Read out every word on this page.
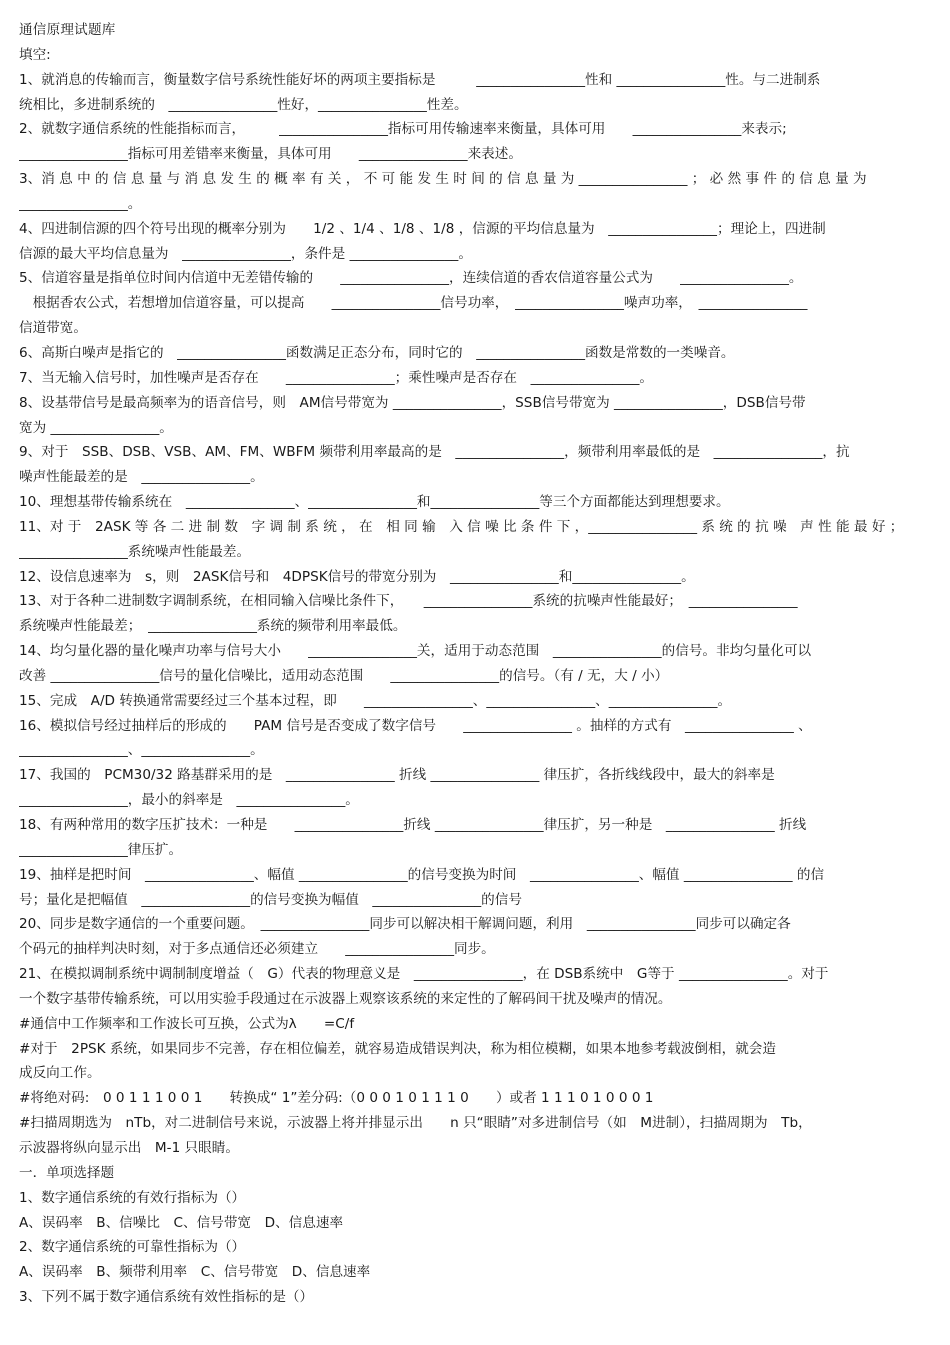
通信原理试题库
填空:
1、就消息的传输而言，衡量数字信号系统性能好坏的两项主要指标是　　　________________性和 ________________性。与二进制系
统相比，多进制系统的　________________性好，________________性差。
2、就数字通信系统的性能指标而言，　　　________________指标可用传输速率来衡量，具体可用　　________________来表示;
________________指标可用差错率来衡量，具体可用　　________________来表述。
3、消 息 中 的 信 息 量 与 消 息 发 生 的 概 率 有 关 ， 不 可 能 发 生 时 间 的 信 息 量 为 ________________ ； 必 然 事 件 的 信 息 量 为
________________。
4、四进制信源的四个符号出现的概率分别为　　1/2 、1/4 、1/8 、1/8 ，信源的平均信息量为　________________；理论上，四进制
信源的最大平均信息量为　________________，条件是 ________________。
5、信道容量是指单位时间内信道中无差错传输的　　________________，连续信道的香农信道容量公式为　　________________。
　根据香农公式，若想增加信道容量，可以提高　　________________信号功率，　________________噪声功率，　________________
信道带宽。
6、高斯白噪声是指它的　________________函数满足正态分布，同时它的　________________函数是常数的一类噪音。
7、当无输入信号时，加性噪声是否存在　　________________；乘性噪声是否存在　________________。
8、设基带信号是最高频率为的语音信号，则　AM信号带宽为 ________________，SSB信号带宽为 ________________，DSB信号带
宽为 ________________。
9、对于　SSB、DSB、VSB、AM、FM、WBFM 频带利用率最高的是　________________，频带利用率最低的是　________________，抗
噪声性能最差的是　________________。
10、理想基带传输系统在　________________、________________和________________等三个方面都能达到理想要求。
11、对 于　2ASK 等 各 二 进 制 数　字 调 制 系 统 ， 在　相 同 输　入 信 噪 比 条 件 下 ，________________ 系 统 的 抗 噪　声 性 能 最 好 ；
________________系统噪声性能最差。
12、设信息速率为　s，则　2ASK信号和　4DPSK信号的带宽分别为　________________和________________。
13、对于各种二进制数字调制系统，在相同输入信噪比条件下，　　________________系统的抗噪声性能最好；　________________
系统噪声性能最差；　________________系统的频带利用率最低。
14、均匀量化器的量化噪声功率与信号大小　　________________关，适用于动态范围　________________的信号。非均匀量化可以
改善 ________________信号的量化信噪比，适用动态范围　　________________的信号。（有 / 无，大 / 小）
15、完成　A/D 转换通常需要经过三个基本过程，即　　________________、________________、________________。
16、模拟信号经过抽样后的形成的　　PAM 信号是否变成了数字信号　　________________ 。抽样的方式有　________________ 、
________________、________________。
17、我国的　PCM30/32 路基群采用的是　________________ 折线 ________________ 律压扩，各折线线段中，最大的斜率是
________________，最小的斜率是　________________。
18、有两种常用的数字压扩技术：一种是　　________________折线 ________________律压扩，另一种是　________________ 折线
________________律压扩。
19、抽样是把时间　________________、幅值 ________________的信号变换为时间　________________、幅值 ________________ 的信
号；量化是把幅值　________________的信号变换为幅值　________________的信号
20、同步是数字通信的一个重要问题。　________________同步可以解决相干解调问题，利用　________________同步可以确定各
个码元的抽样判决时刻，对于多点通信还必须建立　　________________同步。
21、在模拟调制系统中调制制度增益（　G）代表的物理意义是　________________，在 DSB系统中　G等于 ________________。对于
一个数字基带传输系统，可以用实验手段通过在示波器上观察该系统的来定性的了解码间干扰及噪声的情况。
#通信中工作频率和工作波长可互换，公式为λ　　=C/f
#对于　2PSK 系统，如果同步不完善，存在相位偏差，就容易造成错误判决，称为相位模糊，如果本地参考载波倒相，就会造
成反向工作。
#将绝对码:　0 0 1 1 1 0 0 1　　转换成“ 1”差分码:（0 0 0 1 0 1 1 1 0　　）或者 1 1 1 0 1 0 0 0 1
#扫描周期选为　nTb，对二进制信号来说，示波器上将并排显示出　　n 只“眼睛”对多进制信号（如　M进制），扫描周期为　Tb，
示波器将纵向显示出　M-1 只眼睛。
一．单项选择题
1、数字通信系统的有效行指标为（）
A、误码率　B、信噪比　C、信号带宽　D、信息速率
2、数字通信系统的可靠性指标为（）
A、误码率　B、频带利用率　C、信号带宽　D、信息速率
3、下列不属于数字通信系统有效性指标的是（）
